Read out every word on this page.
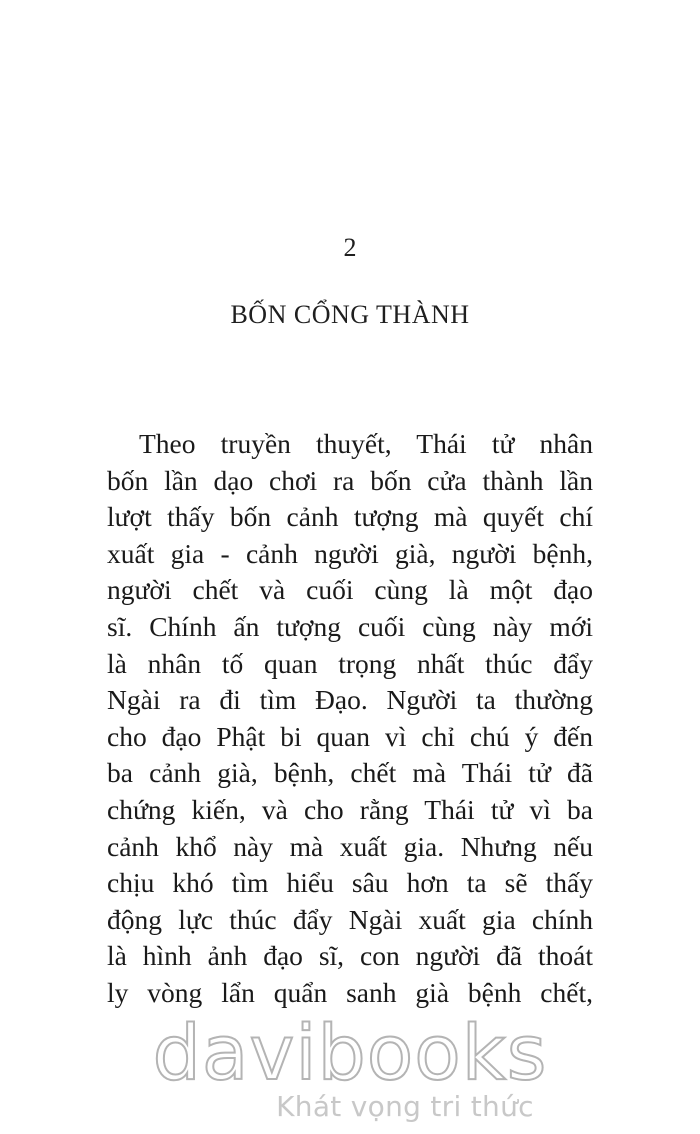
2
BỐN CỔNG THÀNH
Theo truyền thuyết, Thái tử nhân
bốn lần dạo chơi ra bốn cửa thành lần
lượt thấy bốn cảnh tượng mà quyết chí
xuất gia - cảnh người già, người bệnh,
người chết và cuối cùng là một đạo
sĩ. Chính ấn tượng cuối cùng này mới
là nhân tố quan trọng nhất thúc đẩy
Ngài ra đi tìm Đạo. Người ta thường
cho đạo Phật bi quan vì chỉ chú ý đến
ba cảnh già, bệnh, chết mà Thái tử đã
chứng kiến, và cho rằng Thái tử vì ba
cảnh khổ này mà xuất gia. Nhưng nếu
chịu khó tìm hiểu sâu hơn ta sẽ thấy
động lực thúc đẩy Ngài xuất gia chính
là hình ảnh đạo sĩ, con người đã thoát
ly vòng lẩn quẩn sanh già bệnh chết,
davibooks
Khát vọng tri thức
